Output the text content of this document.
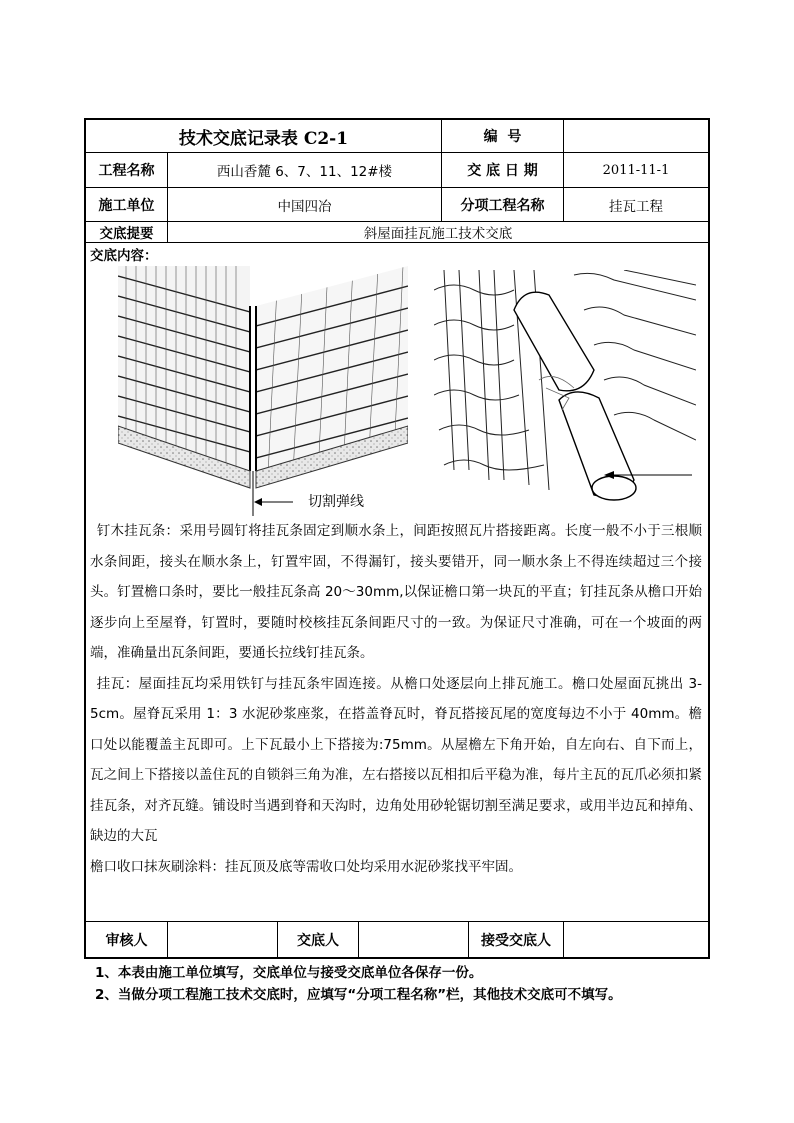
技术交底记录表 C2-1	编  号
工程名称	西山香麓 6、7、11、12#楼	交 底 日 期	2011-11-1
施工单位	中国四冶	分项工程名称	挂瓦工程
交底提要	斜屋面挂瓦施工技术交底
交底内容：
切割弹线

钉木挂瓦条：采用号圆钉将挂瓦条固定到顺水条上，间距按照瓦片搭接距离。长度一般不小于三根顺水条间距，接头在顺水条上，钉置牢固，不得漏钉，接头要错开，同一顺水条上不得连续超过三个接头。钉置檐口条时，要比一般挂瓦条高 20～30mm,以保证檐口第一块瓦的平直；钉挂瓦条从檐口开始逐步向上至屋脊，钉置时，要随时校核挂瓦条间距尺寸的一致。为保证尺寸准确，可在一个坡面的两端，准确量出瓦条间距，要通长拉线钉挂瓦条。

挂瓦：屋面挂瓦均采用铁钉与挂瓦条牢固连接。从檐口处逐层向上排瓦施工。檐口处屋面瓦挑出 3-5cm。屋脊瓦采用 1：3 水泥砂浆座浆，在搭盖脊瓦时，脊瓦搭接瓦尾的宽度每边不小于 40mm。檐口处以能覆盖主瓦即可。上下瓦最小上下搭接为:75mm。从屋檐左下角开始，自左向右、自下而上，瓦之间上下搭接以盖住瓦的自锁斜三角为准，左右搭接以瓦相扣后平稳为准，每片主瓦的瓦爪必须扣紧挂瓦条，对齐瓦缝。铺设时当遇到脊和天沟时，边角处用砂轮锯切割至满足要求，或用半边瓦和掉角、缺边的大瓦

檐口收口抹灰刷涂料：挂瓦顶及底等需收口处均采用水泥砂浆找平牢固。

审核人	交底人	接受交底人
1、本表由施工单位填写，交底单位与接受交底单位各保存一份。
2、当做分项工程施工技术交底时，应填写“分项工程名称”栏，其他技术交底可不填写。
